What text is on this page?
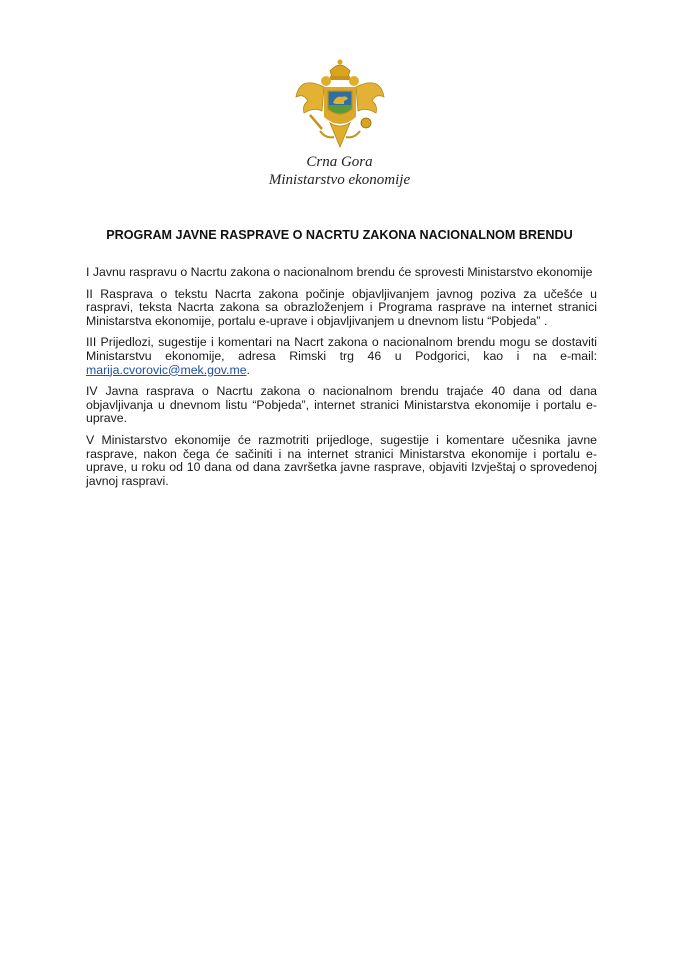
Crna Gora
Ministarstvo ekonomije
PROGRAM JAVNE RASPRAVE O NACRTU ZAKONA NACIONALNOM BRENDU

I Javnu raspravu o Nacrtu zakona o nacionalnom brendu će sprovesti Ministarstvo ekonomije

II Rasprava o tekstu Nacrta zakona počinje objavljivanjem javnog poziva za učešće u raspravi, teksta Nacrta zakona sa obrazloženjem i Programa rasprave na internet stranici Ministarstva ekonomije, portalu e-uprave i objavljivanjem u dnevnom listu “Pobjeda” .

III Prijedlozi, sugestije i komentari na Nacrt zakona o nacionalnom brendu mogu se dostaviti Ministarstvu ekonomije, adresa Rimski trg 46 u Podgorici, kao i na e-mail: marija.cvorovic@mek.gov.me.

IV Javna rasprava o Nacrtu zakona o nacionalnom brendu trajaće 40 dana od dana objavljivanja u dnevnom listu “Pobjeda”, internet stranici Ministarstva ekonomije i portalu e-uprave.

V Ministarstvo ekonomije će razmotriti prijedloge, sugestije i komentare učesnika javne rasprave, nakon čega će sačiniti i na internet stranici Ministarstva ekonomije i portalu e-uprave, u roku od 10 dana od dana završetka javne rasprave, objaviti Izvještaj o sprovedenoj javnoj raspravi.
